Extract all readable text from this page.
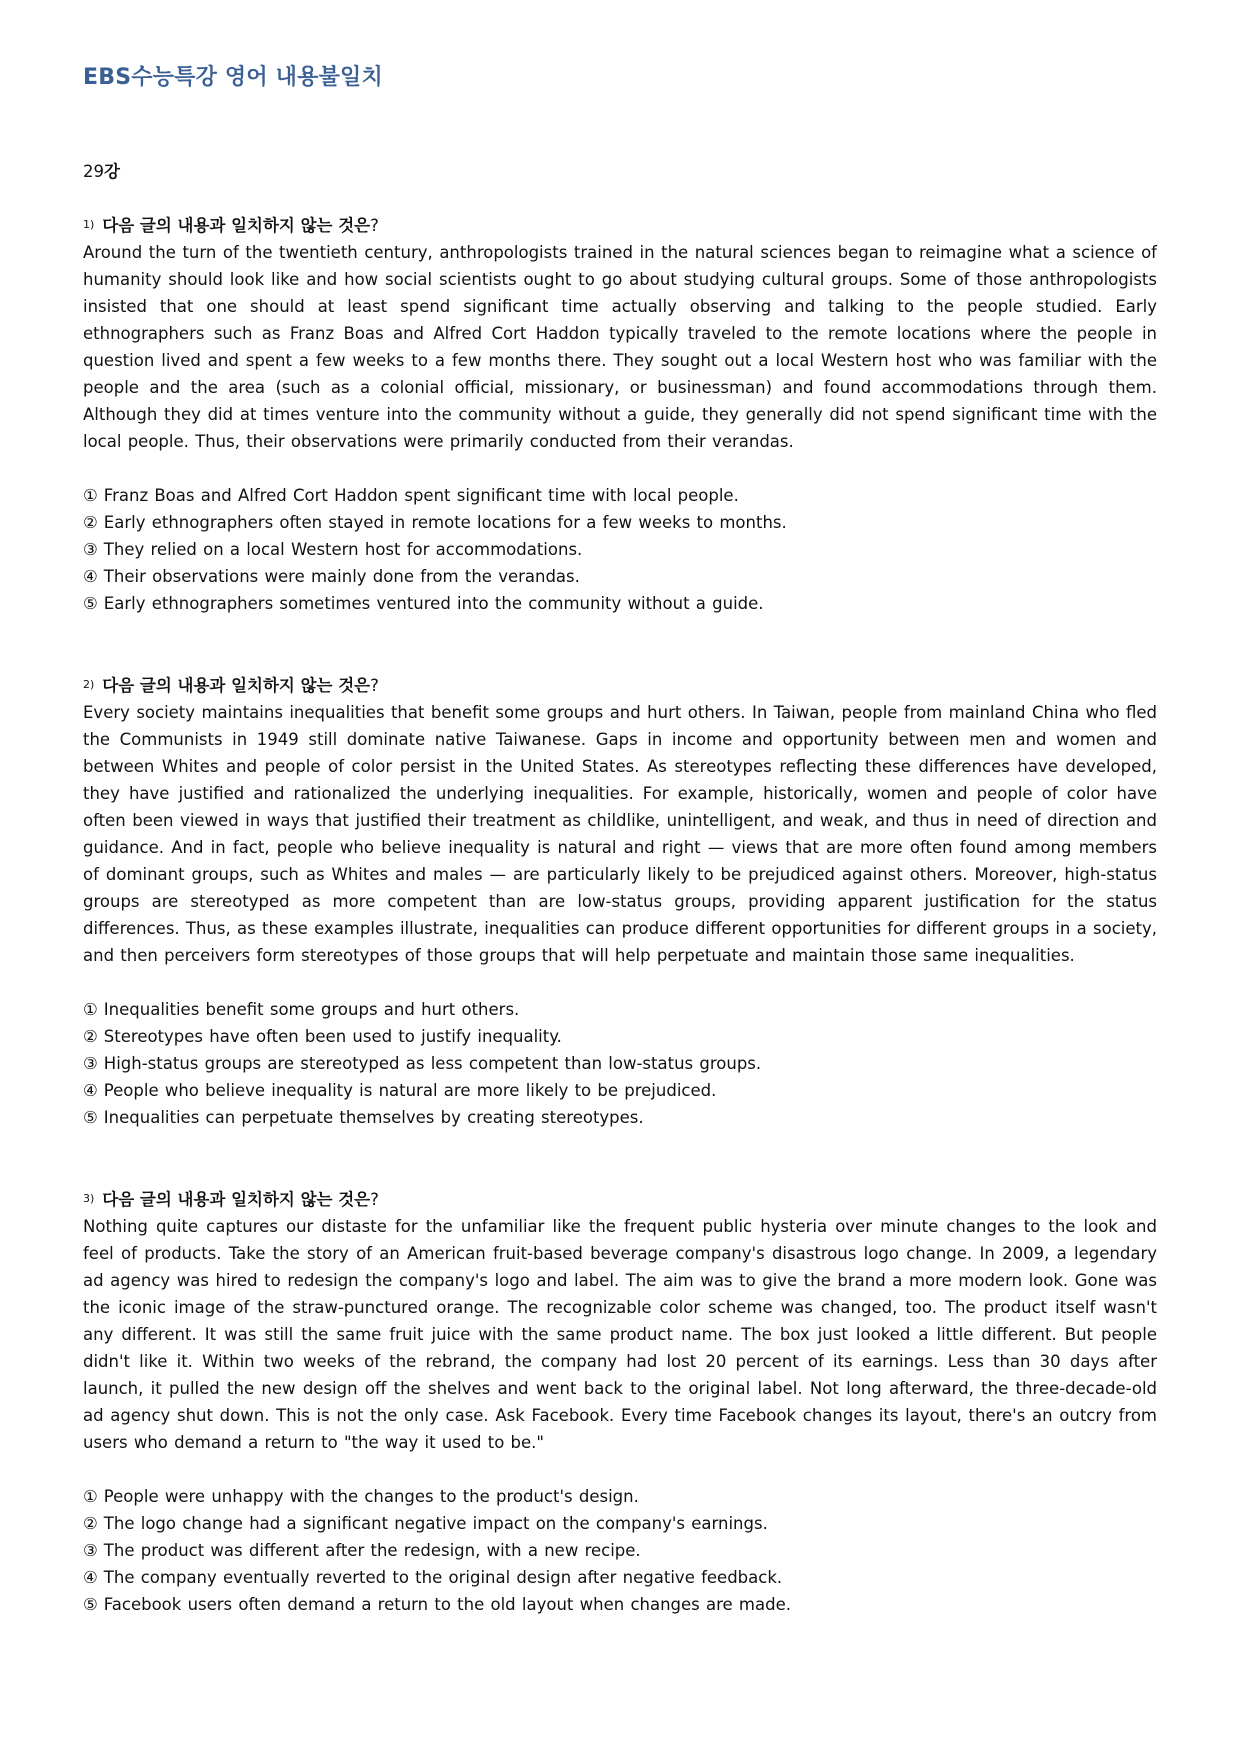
EBS수능특강 영어 내용불일치
29강

1) 다음 글의 내용과 일치하지 않는 것은?

Around the turn of the twentieth century, anthropologists trained in the natural sciences began to reimagine what a science of humanity should look like and how social scientists ought to go about studying cultural groups. Some of those anthropologists insisted that one should at least spend significant time actually observing and talking to the people studied. Early ethnographers such as Franz Boas and Alfred Cort Haddon typically traveled to the remote locations where the people in question lived and spent a few weeks to a few months there. They sought out a local Western host who was familiar with the people and the area (such as a colonial official, missionary, or businessman) and found accommodations through them. Although they did at times venture into the community without a guide, they generally did not spend significant time with the local people. Thus, their observations were primarily conducted from their verandas.

① Franz Boas and Alfred Cort Haddon spent significant time with local people.
② Early ethnographers often stayed in remote locations for a few weeks to months.
③ They relied on a local Western host for accommodations.
④ Their observations were mainly done from the verandas.
⑤ Early ethnographers sometimes ventured into the community without a guide.

2) 다음 글의 내용과 일치하지 않는 것은?

Every society maintains inequalities that benefit some groups and hurt others. In Taiwan, people from mainland China who fled the Communists in 1949 still dominate native Taiwanese. Gaps in income and opportunity between men and women and between Whites and people of color persist in the United States. As stereotypes reflecting these differences have developed, they have justified and rationalized the underlying inequalities. For example, historically, women and people of color have often been viewed in ways that justified their treatment as childlike, unintelligent, and weak, and thus in need of direction and guidance. And in fact, people who believe inequality is natural and right — views that are more often found among members of dominant groups, such as Whites and males — are particularly likely to be prejudiced against others. Moreover, high-status groups are stereotyped as more competent than are low-status groups, providing apparent justification for the status differences. Thus, as these examples illustrate, inequalities can produce different opportunities for different groups in a society, and then perceivers form stereotypes of those groups that will help perpetuate and maintain those same inequalities.

① Inequalities benefit some groups and hurt others.
② Stereotypes have often been used to justify inequality.
③ High-status groups are stereotyped as less competent than low-status groups.
④ People who believe inequality is natural are more likely to be prejudiced.
⑤ Inequalities can perpetuate themselves by creating stereotypes.

3) 다음 글의 내용과 일치하지 않는 것은?

Nothing quite captures our distaste for the unfamiliar like the frequent public hysteria over minute changes to the look and feel of products. Take the story of an American fruit-based beverage company's disastrous logo change. In 2009, a legendary ad agency was hired to redesign the company's logo and label. The aim was to give the brand a more modern look. Gone was the iconic image of the straw-punctured orange. The recognizable color scheme was changed, too. The product itself wasn't any different. It was still the same fruit juice with the same product name. The box just looked a little different. But people didn't like it. Within two weeks of the rebrand, the company had lost 20 percent of its earnings. Less than 30 days after launch, it pulled the new design off the shelves and went back to the original label. Not long afterward, the three-decade-old ad agency shut down. This is not the only case. Ask Facebook. Every time Facebook changes its layout, there's an outcry from users who demand a return to "the way it used to be."

① People were unhappy with the changes to the product's design.
② The logo change had a significant negative impact on the company's earnings.
③ The product was different after the redesign, with a new recipe.
④ The company eventually reverted to the original design after negative feedback.
⑤ Facebook users often demand a return to the old layout when changes are made.
